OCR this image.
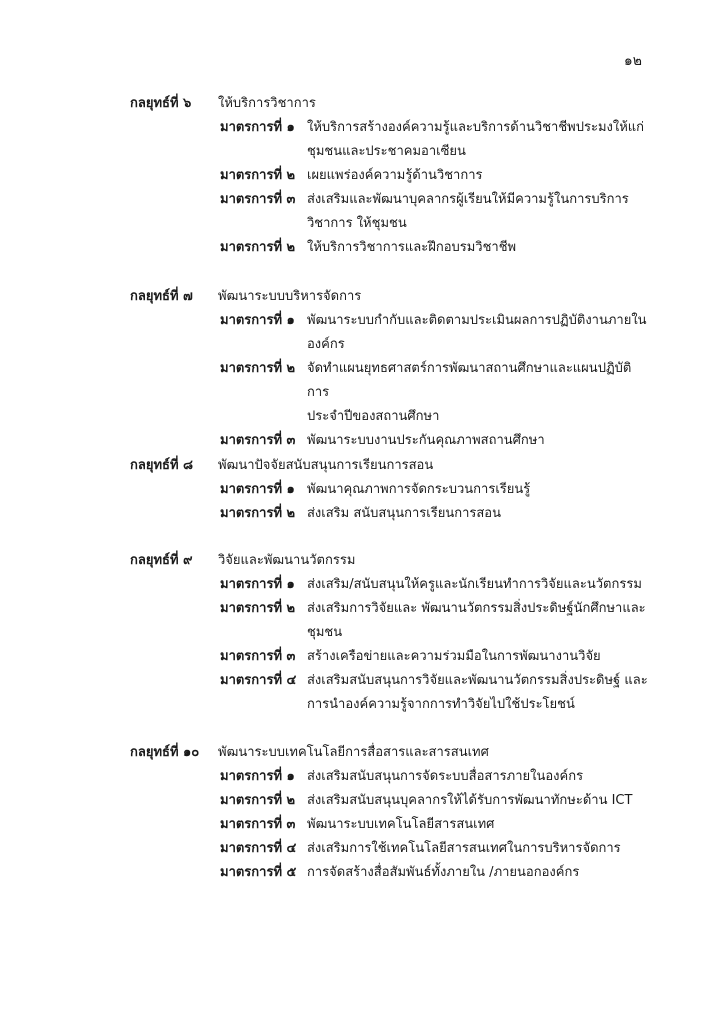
๑๒
กลยุทธ์ที่ ๖ ให้บริการวิชาการ
มาตรการที่ ๑ ให้บริการสร้างองค์ความรู้และบริการด้านวิชาชีพประมงให้แก่
ชุมชนและประชาคมอาเซียน
มาตรการที่ ๒ เผยแพร่องค์ความรู้ด้านวิชาการ
มาตรการที่ ๓ ส่งเสริมและพัฒนาบุคลากรผู้เรียนให้มีความรู้ในการบริการ
วิชาการ ให้ชุมชน
มาตรการที่ ๒ ให้บริการวิชาการและฝึกอบรมวิชาชีพ
กลยุทธ์ที่ ๗ พัฒนาระบบบริหารจัดการ
มาตรการที่ ๑ พัฒนาระบบกำกับและติดตามประเมินผลการปฏิบัติงานภายใน
องค์กร
มาตรการที่ ๒ จัดทำแผนยุทธศาสตร์การพัฒนาสถานศึกษาและแผนปฏิบัติการ
ประจำปีของสถานศึกษา
มาตรการที่ ๓ พัฒนาระบบงานประกันคุณภาพสถานศึกษา
กลยุทธ์ที่ ๘ พัฒนาปัจจัยสนับสนุนการเรียนการสอน
มาตรการที่ ๑ พัฒนาคุณภาพการจัดกระบวนการเรียนรู้
มาตรการที่ ๒ ส่งเสริม สนับสนุนการเรียนการสอน
กลยุทธ์ที่ ๙ วิจัยและพัฒนานวัตกรรม
มาตรการที่ ๑ ส่งเสริม/สนับสนุนให้ครูและนักเรียนทำการวิจัยและนวัตกรรม
มาตรการที่ ๒ ส่งเสริมการวิจัยและ พัฒนานวัตกรรมสิ่งประดิษฐ์นักศึกษาและ
ชุมชน
มาตรการที่ ๓ สร้างเครือข่ายและความร่วมมือในการพัฒนางานวิจัย
มาตรการที่ ๔ ส่งเสริมสนับสนุนการวิจัยและพัฒนานวัตกรรมสิ่งประดิษฐ์ และ
การนำองค์ความรู้จากการทำวิจัยไปใช้ประโยชน์
กลยุทธ์ที่ ๑๐ พัฒนาระบบเทคโนโลยีการสื่อสารและสารสนเทศ
มาตรการที่ ๑ ส่งเสริมสนับสนุนการจัดระบบสื่อสารภายในองค์กร
มาตรการที่ ๒ ส่งเสริมสนับสนุนบุคลากรให้ได้รับการพัฒนาทักษะด้าน ICT
มาตรการที่ ๓ พัฒนาระบบเทคโนโลยีสารสนเทศ
มาตรการที่ ๔ ส่งเสริมการใช้เทคโนโลยีสารสนเทศในการบริหารจัดการ
มาตรการที่ ๕ การจัดสร้างสื่อสัมพันธ์ทั้งภายใน /ภายนอกองค์กร
